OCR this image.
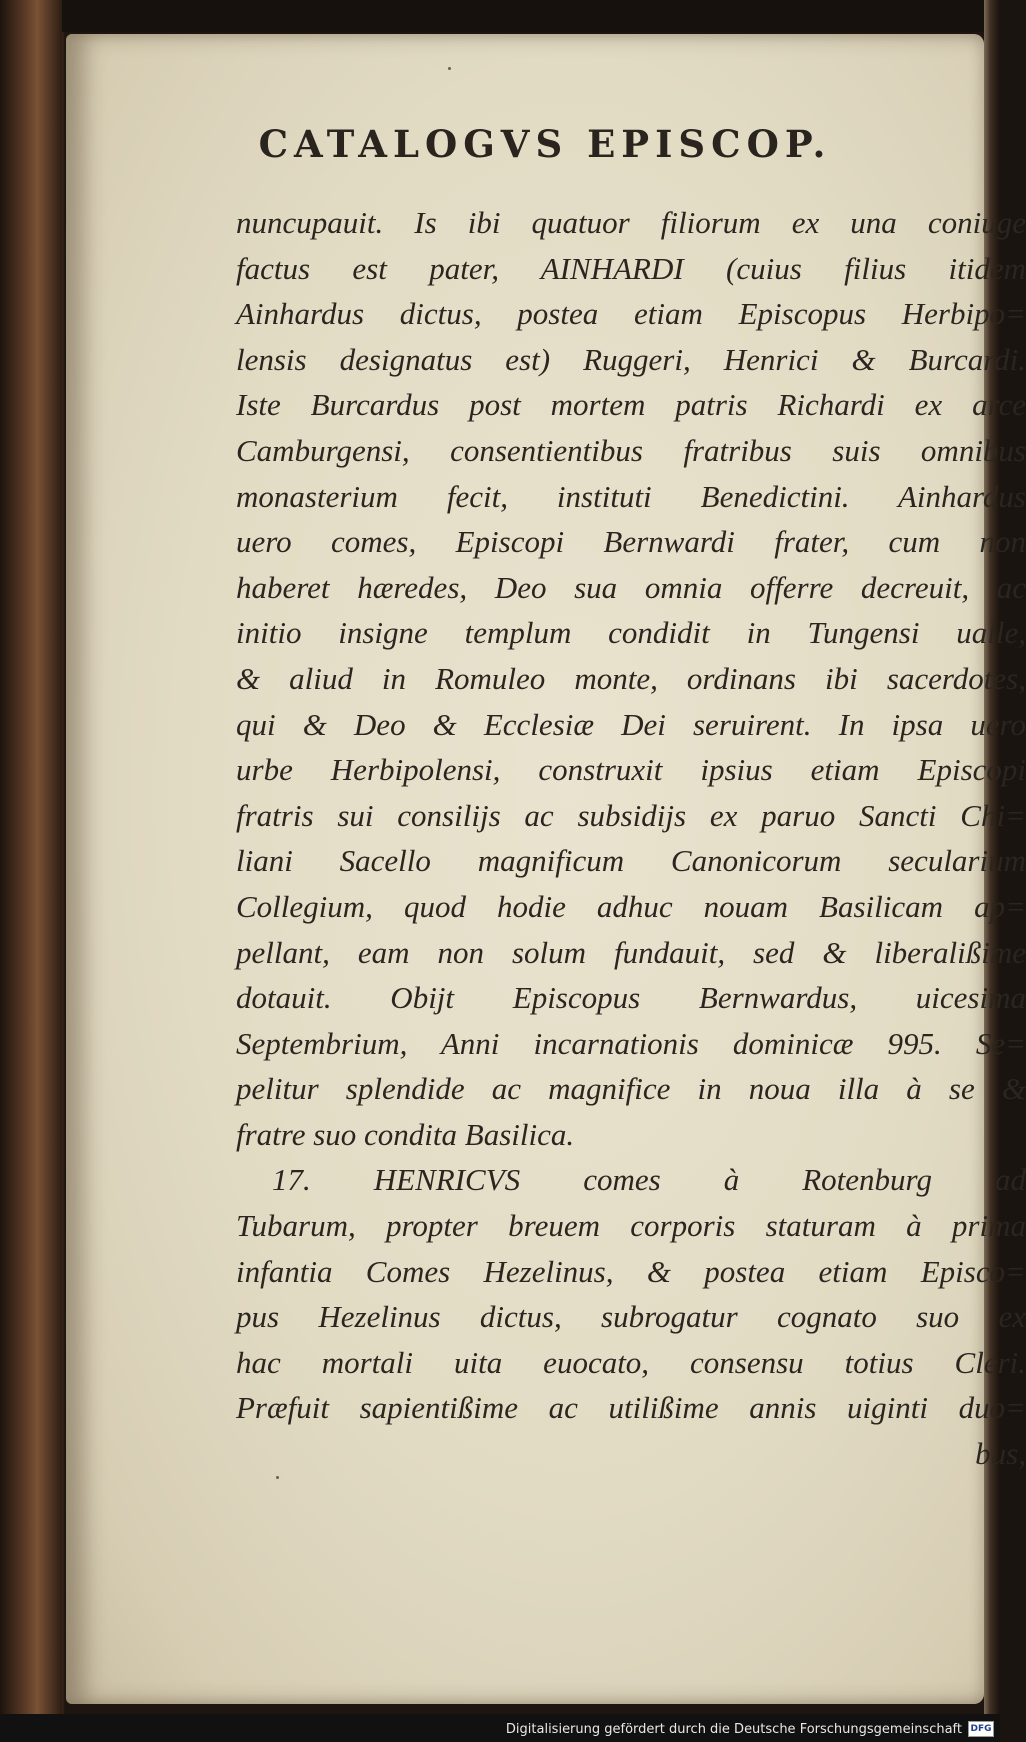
CATALOGVS EPISCOP.
nuncupauit. Is ibi quatuor filiorum ex una coniuge
factus est pater, AINHARDI (cuius filius itidem
Ainhardus dictus, postea etiam Episcopus Herbipo=
lensis designatus est) Ruggeri, Henrici & Burcardi.
Iste Burcardus post mortem patris Richardi ex arce
Camburgensi, consentientibus fratribus suis omnibus
monasterium fecit, instituti Benedictini. Ainhardus
uero comes, Episcopi Bernwardi frater, cum non
haberet hæredes, Deo sua omnia offerre decreuit, ac
initio insigne templum condidit in Tungensi ualle,
& aliud in Romuleo monte, ordinans ibi sacerdotes,
qui & Deo & Ecclesiæ Dei seruirent. In ipsa uero
urbe Herbipolensi, construxit ipsius etiam Episcopi
fratris sui consilijs ac subsidijs ex paruo Sancti Chi=
liani Sacello magnificum Canonicorum secularium
Collegium, quod hodie adhuc nouam Basilicam ap=
pellant, eam non solum fundauit, sed & liberalißime
dotauit. Obijt Episcopus Bernwardus, uicesima
Septembrium, Anni incarnationis dominicæ 995. Se=
pelitur splendide ac magnifice in noua illa à se &
fratre suo condita Basilica.
17. HENRICVS comes à Rotenburg ad
Tubarum, propter breuem corporis staturam à prima
infantia Comes Hezelinus, & postea etiam Episco=
pus Hezelinus dictus, subrogatur cognato suo ex
hac mortali uita euocato, consensu totius Cleri.
Præfuit sapientißime ac utilißime annis uiginti duo=
bus,
Digitalisierung gefördert durch die Deutsche Forschungsgemeinschaft DFG
